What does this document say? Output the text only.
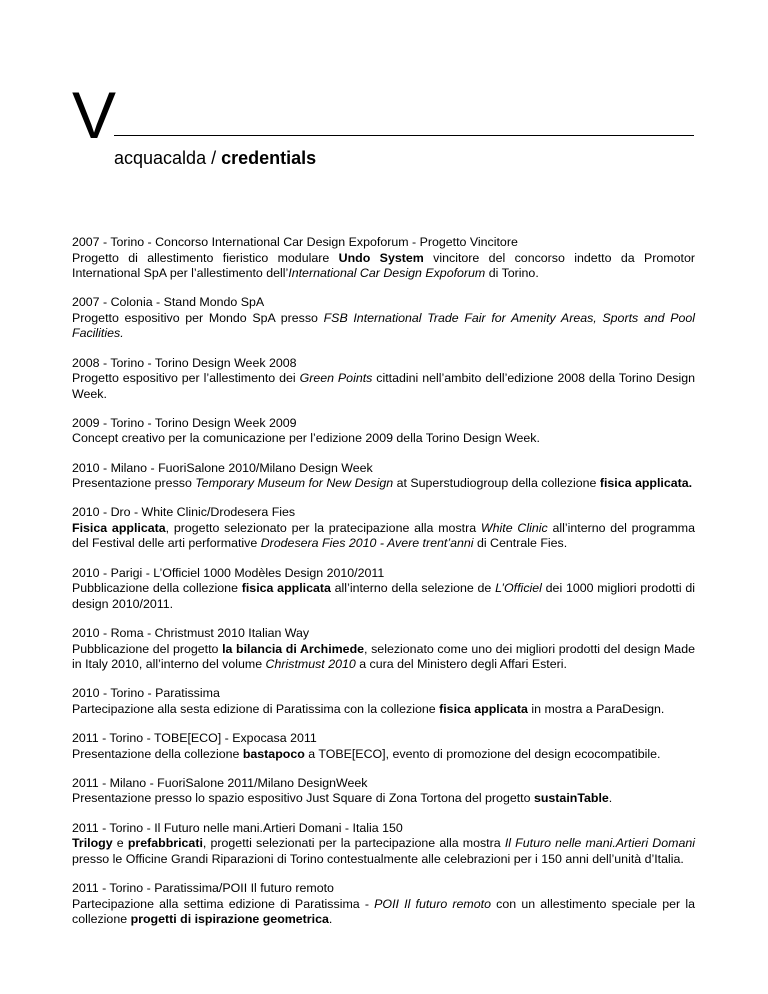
V
acquacalda / credentials

2007 - Torino - Concorso International Car Design Expoforum - Progetto Vincitore

Progetto di allestimento fieristico modulare Undo System vincitore del concorso indetto da Promotor International SpA per l’allestimento dell’International Car Design Expoforum di Torino.

2007 - Colonia - Stand Mondo SpA

Progetto espositivo per Mondo SpA presso FSB International Trade Fair for Amenity Areas, Sports and Pool Facilities.

2008 - Torino - Torino Design Week 2008

Progetto espositivo per l’allestimento dei Green Points cittadini nell’ambito dell’edizione 2008 della Torino Design Week.

2009 - Torino - Torino Design Week 2009

Concept creativo per la comunicazione per l’edizione 2009 della Torino Design Week.

2010 - Milano - FuoriSalone 2010/Milano Design Week

Presentazione presso Temporary Museum for New Design at Superstudiogroup della collezione fisica applicata.

2010 - Dro - White Clinic/Drodesera Fies

Fisica applicata, progetto selezionato per la pratecipazione alla mostra White Clinic all’interno del programma del Festival delle arti performative Drodesera Fies 2010 - Avere trent’anni di Centrale Fies.

2010 - Parigi - L’Officiel 1000 Modèles Design 2010/2011

Pubblicazione della collezione fisica applicata all’interno della selezione de L’Officiel dei 1000 migliori prodotti di design 2010/2011.

2010 - Roma - Christmust 2010 Italian Way

Pubblicazione del progetto la bilancia di Archimede, selezionato come uno dei migliori prodotti del design Made in Italy 2010, all’interno del volume Christmust 2010 a cura del Ministero degli Affari Esteri.

2010 - Torino - Paratissima

Partecipazione alla sesta edizione di Paratissima con la collezione fisica applicata in mostra a ParaDesign.

2011 - Torino - TOBE[ECO] - Expocasa 2011

Presentazione della collezione bastapoco a TOBE[ECO], evento di promozione del design ecocompatibile.

2011 - Milano - FuoriSalone 2011/Milano DesignWeek

Presentazione presso lo spazio espositivo Just Square di Zona Tortona del progetto sustainTable.

2011 - Torino - Il Futuro nelle mani.Artieri Domani - Italia 150

Trilogy e prefabbricati, progetti selezionati per la partecipazione alla mostra Il Futuro nelle mani.Artieri Domani presso le Officine Grandi Riparazioni di Torino contestualmente alle celebrazioni per i 150 anni dell’unità d’Italia.

2011 - Torino - Paratissima/POII Il futuro remoto

Partecipazione alla settima edizione di Paratissima - POII Il futuro remoto con un allestimento speciale per la collezione progetti di ispirazione geometrica.
